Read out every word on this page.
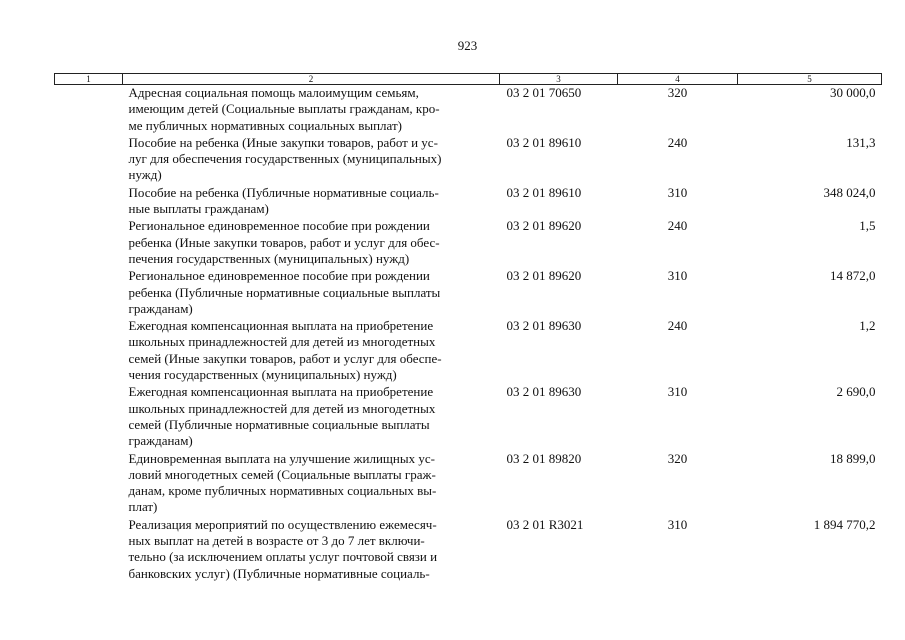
923
1	2	3	4	5
	Адресная социальная помощь малоимущим семьям,
имеющим детей (Социальные выплаты гражданам, кро-
ме публичных нормативных социальных выплат)	03 2 01 70650	320	30 000,0
	Пособие на ребенка (Иные закупки товаров, работ и ус-
луг для обеспечения государственных (муниципальных)
нужд)	03 2 01 89610	240	131,3
	Пособие на ребенка (Публичные нормативные социаль-
ные выплаты гражданам)	03 2 01 89610	310	348 024,0
	Региональное единовременное пособие при рождении
ребенка (Иные закупки товаров, работ и услуг для обес-
печения государственных (муниципальных) нужд)	03 2 01 89620	240	1,5
	Региональное единовременное пособие при рождении
ребенка (Публичные нормативные социальные выплаты
гражданам)	03 2 01 89620	310	14 872,0
	Ежегодная компенсационная выплата на приобретение
школьных принадлежностей для детей из многодетных
семей (Иные закупки товаров, работ и услуг для обеспе-
чения государственных (муниципальных) нужд)	03 2 01 89630	240	1,2
	Ежегодная компенсационная выплата на приобретение
школьных принадлежностей для детей из многодетных
семей (Публичные нормативные социальные выплаты
гражданам)	03 2 01 89630	310	2 690,0
	Единовременная выплата на улучшение жилищных ус-
ловий многодетных семей (Социальные выплаты граж-
данам, кроме публичных нормативных социальных вы-
плат)	03 2 01 89820	320	18 899,0
	Реализация мероприятий по осуществлению ежемесяч-
ных выплат на детей в возрасте от 3 до 7 лет включи-
тельно (за исключением оплаты услуг почтовой связи и
банковских услуг) (Публичные нормативные социаль-	03 2 01 R3021	310	1 894 770,2
